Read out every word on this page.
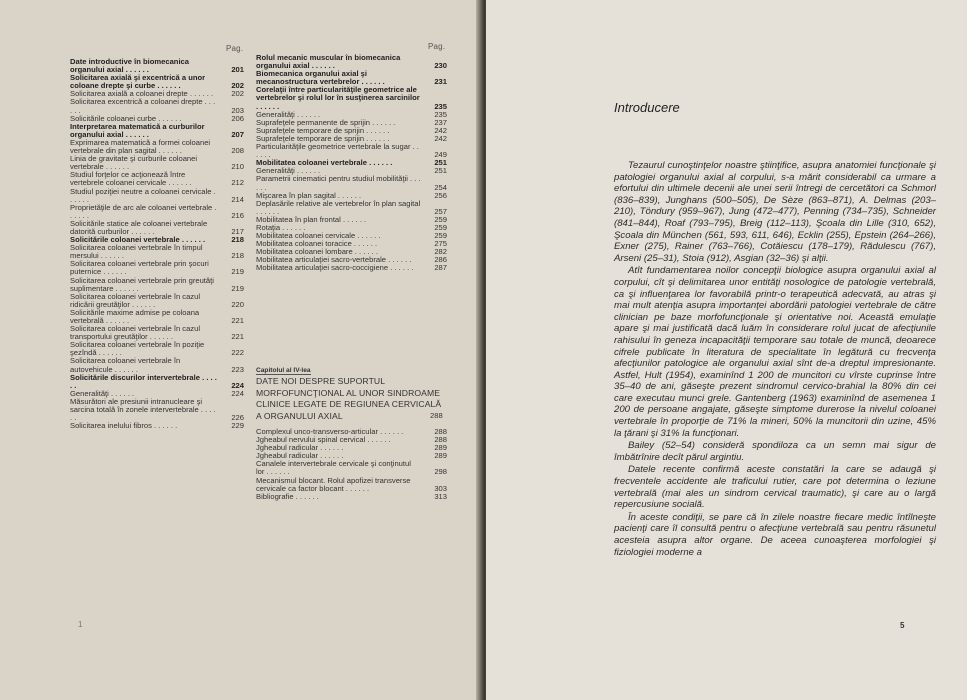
Pag.	Pag.
Date introductive în biomecanica organului axial . . . . . .	201
Solicitarea axială şi excentrică a unor coloane drepte şi curbe . . . . . .	202
Solicitarea axială a coloanei drepte . . . . . .	202
Solicitarea excentrică a coloanei drepte . . . . . .	203
Solicitările coloanei curbe . . . . . .	206
Interpretarea matematică a curburilor organului axial . . . . . .	207
Exprimarea matematică a formei coloanei vertebrale din plan sagital . . . . . .	208
Linia de gravitate şi curburile coloanei vertebrale . . . . . .	210
Studiul forţelor ce acţionează între vertebrele coloanei cervicale . . . . . .	212
Studiul poziţiei neutre a coloanei cervicale . . . . . .	214
Proprietăţile de arc ale coloanei vertebrale . . . . . .	216
Solicitările statice ale coloanei vertebrale datorită curburilor . . . . . .	217
Solicitările coloanei vertebrale . . . . . .	218
Solicitarea coloanei vertebrale în timpul mersului . . . . . .	218
Solicitarea coloanei vertebrale prin şocuri puternice . . . . . .	219
Solicitarea coloanei vertebrale prin greutăţi suplimentare . . . . . .	219
Solicitarea coloanei vertebrale în cazul ridicării greutăţilor . . . . . .	220
Solicitările maxime admise pe coloana vertebrală . . . . . .	221
Solicitarea coloanei vertebrale în cazul transportului greutăţilor . . . . . .	221
Solicitarea coloanei vertebrale în poziţie şezîndă . . . . . .	222
Solicitarea coloanei vertebrale în autovehicule . . . . . .	223
Solicitările discurilor intervertebrale . . . . . .	224
Generalităţi . . . . . .	224
Măsurători ale presiunii intranucleare şi sarcina totală în zonele intervertebrale . . . . . .	226
Solicitarea inelului fibros . . . . . .	229
Rolul mecanic muscular în biomecanica organului axial . . . . . .	230
Biomecanica organului axial şi mecanostructura vertebrelor . . . . . .	231
Corelaţii între particularităţile geometrice ale vertebrelor şi rolul lor în susţinerea sarcinilor . . . . . .	235
Generalităţi . . . . . .	235
Suprafeţele permanente de sprijin . . . . . .	237
Suprafeţele temporare de sprijin . . . . . .	242
Suprafeţele temporare de sprijin . . . . . .	242
Particularităţile geometrice vertebrale la sugar . . . . . .	249
Mobilitatea coloanei vertebrale . . . . . .	251
Generalităţi . . . . . .	251
Parametrii cinematici pentru studiul mobilităţii . . . . . .	254
Mişcarea în plan sagital . . . . . .	256
Deplasările relative ale vertebrelor în plan sagital . . . . . .	257
Mobilitatea în plan frontal . . . . . .	259
Rotaţia . . . . . .	259
Mobilitatea coloanei cervicale . . . . . .	259
Mobilitatea coloanei toracice . . . . . .	275
Mobilitatea coloanei lombare . . . . . .	282
Mobilitatea articulaţiei sacro-vertebrale . . . . . .	286
Mobilitatea articulaţiei sacro-coccigiene . . . . . .	287
Capitolul al IV-lea
DATE NOI DESPRE SUPORTUL MORFOFUNCŢIONAL AL UNOR SINDROAME CLINICE LEGATE DE REGIUNEA CERVICALĂ A ORGANULUI AXIAL	288
Complexul unco-transverso-articular . . . . . .	288
Jgheabul nervului spinal cervical . . . . . .	288
Jgheabul radicular . . . . . .	289
Jgheabul radicular . . . . . .	289
Canalele intervertebrale cervicale şi conţinutul lor . . . . . .	298
Mecanismul blocant. Rolul apofizei transverse cervicale ca factor blocant . . . . . .	303
Bibliografie . . . . . .	313
1
Introducere

Tezaurul cunoştinţelor noastre ştiinţifice, asupra anatomiei funcţionale şi patologiei organului axial al corpului, s-a mărit considerabil ca urmare a efortului din ultimele decenii ale unei serii întregi de cercetători ca Schmorl (836–839), Junghans (500–505), De Sèze (863–871), A. Delmas (203–210), Töndury (959–967), Jung (472–477), Penning (734–735), Schneider (841–844), Roaf (793–795), Breig (112–113), Şcoala din Lille (310, 652), Şcoala din München (561, 593, 611, 646), Ecklin (255), Epstein (264–266), Exner (275), Rainer (763–766), Cotăiescu (178–179), Rădulescu (767), Arseni (25–31), Stoia (912), Asgian (32–36) şi alţii.

Atît fundamentarea noilor concepţii biologice asupra organului axial al corpului, cît şi delimitarea unor entităţi nosologice de patologie vertebrală, ca şi influenţarea lor favorabilă printr-o terapeutică adecvată, au atras şi mai mult atenţia asupra importanţei abordării patologiei vertebrale de către clinician pe baze morfofuncţionale şi orientative noi. Această emulaţie apare şi mai justificată dacă luăm în considerare rolul jucat de afecţiunile rahisului în geneza incapacităţii temporare sau totale de muncă, deoarece cifrele publicate în literatura de specialitate în legătură cu frecvenţa afecţiunilor patologice ale organului axial sînt de-a dreptul impresionante. Astfel, Hult (1954), examinînd 1 200 de muncitori cu vîrste cuprinse între 35–40 de ani, găseşte prezent sindromul cervico-brahial la 80% din cei care executau munci grele. Gantenberg (1963) examinînd de asemenea 1 200 de persoane angajate, găseşte simptome durerose la nivelul coloanei vertebrale în proporţie de 71% la mineri, 50% la muncitorii din uzine, 45% la ţărani şi 31% la funcţionari.

Bailey (52–54) consideră spondiloza ca un semn mai sigur de îmbătrînire decît părul argintiu.

Datele recente confirmă aceste constatări la care se adaugă şi frecventele accidente ale traficului rutier, care pot determina o leziune vertebrală (mai ales un sindrom cervical traumatic), şi care au o largă repercusiune socială.

În aceste condiţii, se pare că în zilele noastre fiecare medic întîlneşte pacienţi care îl consultă pentru o afecţiune vertebrală sau pentru răsunetul acesteia asupra altor organe. De aceea cunoaşterea morfologiei şi fiziologiei moderne a

5
